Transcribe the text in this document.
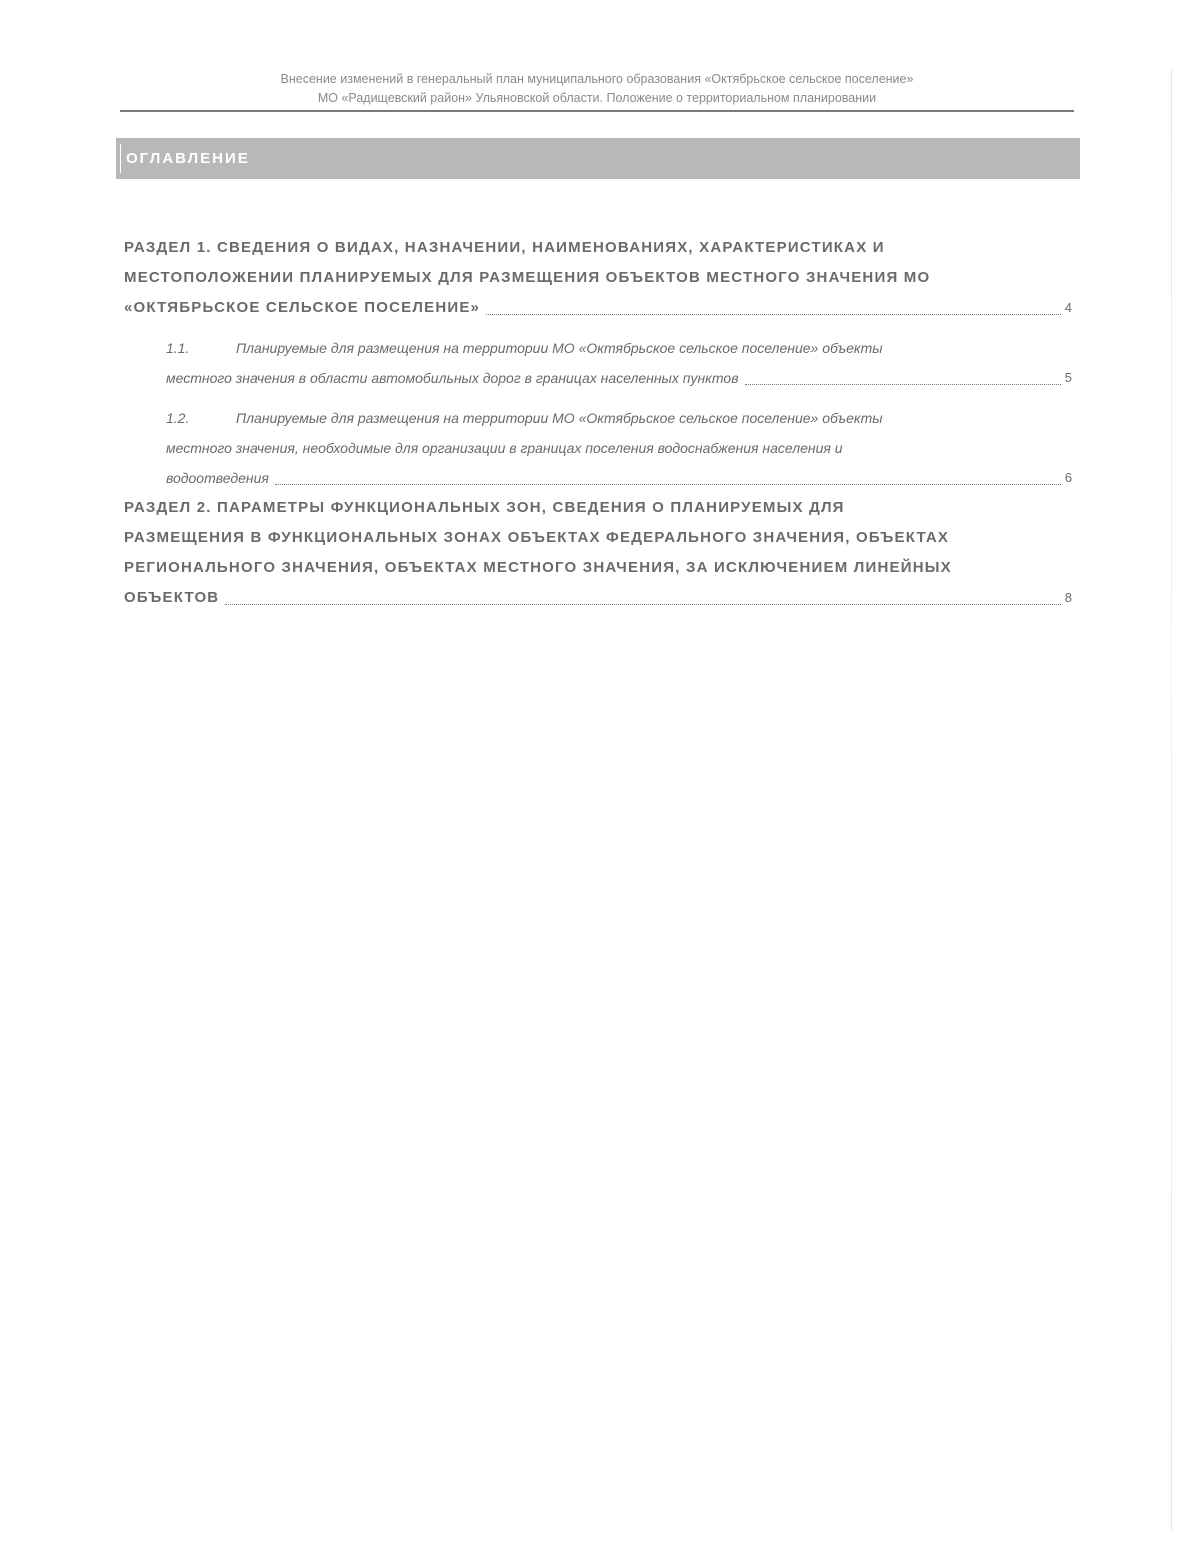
Внесение изменений в генеральный план муниципального образования «Октябрьское сельское поселение»
МО «Радищевский район» Ульяновской области. Положение о территориальном планировании
ОГЛАВЛЕНИЕ
РАЗДЕЛ 1. СВЕДЕНИЯ О ВИДАХ, НАЗНАЧЕНИИ, НАИМЕНОВАНИЯХ, ХАРАКТЕРИСТИКАХ И
МЕСТОПОЛОЖЕНИИ ПЛАНИРУЕМЫХ ДЛЯ РАЗМЕЩЕНИЯ ОБЪЕКТОВ МЕСТНОГО ЗНАЧЕНИЯ МО
«ОКТЯБРЬСКОЕ СЕЛЬСКОЕ ПОСЕЛЕНИЕ»	4
1.1.	Планируемые для размещения на территории МО «Октябрьское сельское поселение» объекты
местного значения в области автомобильных дорог в границах населенных пунктов	5
1.2.	Планируемые для размещения на территории МО «Октябрьское сельское поселение» объекты
местного значения, необходимые для организации в границах поселения водоснабжения населения и
водоотведения	6
РАЗДЕЛ 2. ПАРАМЕТРЫ ФУНКЦИОНАЛЬНЫХ ЗОН, СВЕДЕНИЯ О ПЛАНИРУЕМЫХ ДЛЯ
РАЗМЕЩЕНИЯ В ФУНКЦИОНАЛЬНЫХ ЗОНАХ ОБЪЕКТАХ ФЕДЕРАЛЬНОГО ЗНАЧЕНИЯ, ОБЪЕКТАХ
РЕГИОНАЛЬНОГО ЗНАЧЕНИЯ, ОБЪЕКТАХ МЕСТНОГО ЗНАЧЕНИЯ, ЗА ИСКЛЮЧЕНИЕМ ЛИНЕЙНЫХ
ОБЪЕКТОВ	8
